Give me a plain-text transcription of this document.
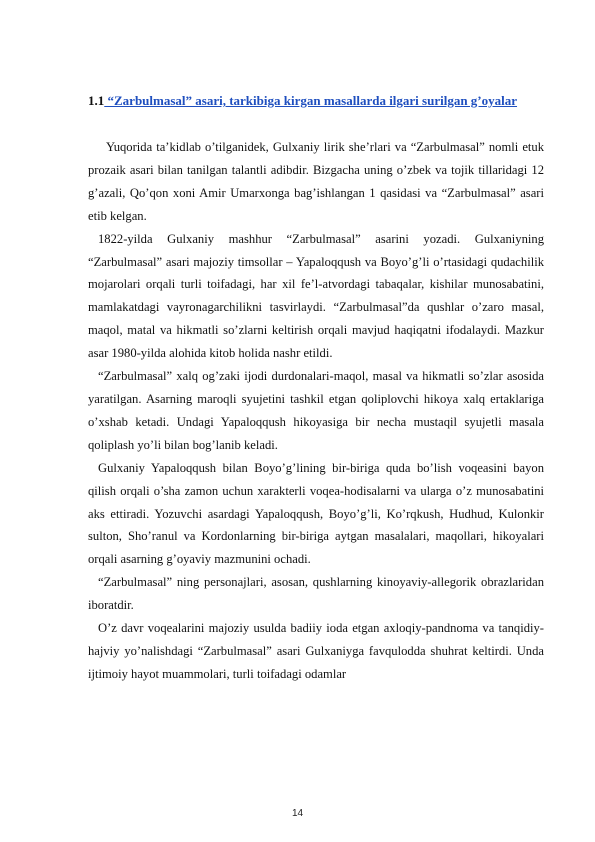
1.1 “Zarbulmasal” asari, tarkibiga kirgan masallarda ilgari surilgan g’oyalar

Yuqorida ta’kidlab o’tilganidek, Gulxaniy lirik she’rlari va “Zarbulmasal” nomli etuk prozaik asari bilan tanilgan talantli adibdir. Bizgacha uning o’zbek va tojik tillaridagi 12 g’azali, Qo’qon xoni Amir Umarxonga bag’ishlangan 1 qasidasi va “Zarbulmasal” asari etib kelgan.

1822-yilda Gulxaniy mashhur “Zarbulmasal” asarini yozadi. Gulxaniyning “Zarbulmasal” asari majoziy timsollar – Yapaloqqush va Boyo’g’li o’rtasidagi qudachilik mojarolari orqali turli toifadagi, har xil fe’l-atvordagi tabaqalar, kishilar munosabatini, mamlakatdagi vayronagarchilikni tasvirlaydi. “Zarbulmasal”da qushlar o’zaro masal, maqol, matal va hikmatli so’zlarni keltirish orqali mavjud haqiqatni ifodalaydi. Mazkur asar 1980-yilda alohida kitob holida nashr etildi.

“Zarbulmasal” xalq og’zaki ijodi durdonalari-maqol, masal va hikmatli so’zlar asosida yaratilgan. Asarning maroqli syujetini tashkil etgan qoliplovchi hikoya xalq ertaklariga o’xshab ketadi. Undagi Yapaloqqush hikoyasiga bir necha mustaqil syujetli masala qoliplash yo’li bilan bog’lanib keladi.

Gulxaniy Yapaloqqush bilan Boyo’g’lining bir-biriga quda bo’lish voqeasini bayon qilish orqali o’sha zamon uchun xarakterli voqea-hodisalarni va ularga o’z munosabatini aks ettiradi. Yozuvchi asardagi Yapaloqqush, Boyo’g’li, Ko’rqkush, Hudhud, Kulonkir sulton, Sho’ranul va Kordonlarning bir-biriga aytgan masalalari, maqollari, hikoyalari orqali asarning g’oyaviy mazmunini ochadi.

“Zarbulmasal” ning personajlari, asosan, qushlarning kinoyaviy-allegorik obrazlaridan iboratdir.

O’z davr voqealarini majoziy usulda badiiy ioda etgan axloqiy-pandnoma va tanqidiy-hajviy yo’nalishdagi “Zarbulmasal” asari Gulxaniyga favqulodda shuhrat keltirdi. Unda ijtimoiy hayot muammolari, turli toifadagi odamlar

14
